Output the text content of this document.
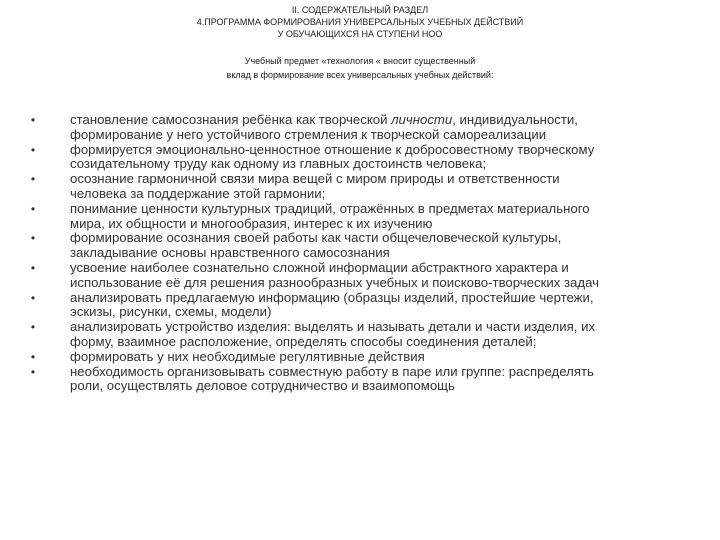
II. СОДЕРЖАТЕЛЬНЫЙ РАЗДЕЛ
4.ПРОГРАММА ФОРМИРОВАНИЯ УНИВЕРСАЛЬНЫХ УЧЕБНЫХ ДЕЙСТВИЙ
У ОБУЧАЮЩИХСЯ НА СТУПЕНИ НОО
Учебный предмет «технология « вносит существенный
вклад в формирование всех универсальных учебных действий:
•	становление самосознания ребёнка как творческой личности, индивидуальности,
формирование у него устойчивого стремления к творческой самореализации
•	формируется эмоционально-ценностное отношение к добросовестному творческому
созидательному труду как одному из главных достоинств человека;
•	осознание гармоничной связи мира вещей с миром природы и ответственности
человека за поддержание этой гармонии;
•	понимание ценности культурных традиций, отражённых в предметах материального
мира, их общности и многообразия, интерес к их изучению
•	формирование осознания своей работы как части общечеловеческой культуры,
закладывание основы нравственного самосознания
•	усвоение наиболее сознательно сложной информации абстрактного характера и
использование её для решения разнообразных учебных и поисково-творческих задач
•	анализировать предлагаемую информацию (образцы изделий, простейшие чертежи,
эскизы, рисунки, схемы, модели)
•	анализировать устройство изделия: выделять и называть детали и части изделия, их
форму, взаимное расположение, определять способы соединения деталей;
•	формировать у них необходимые регулятивные действия
•	необходимость организовывать совместную работу в паре или группе: распределять
роли, осуществлять деловое сотрудничество и взаимопомощь
